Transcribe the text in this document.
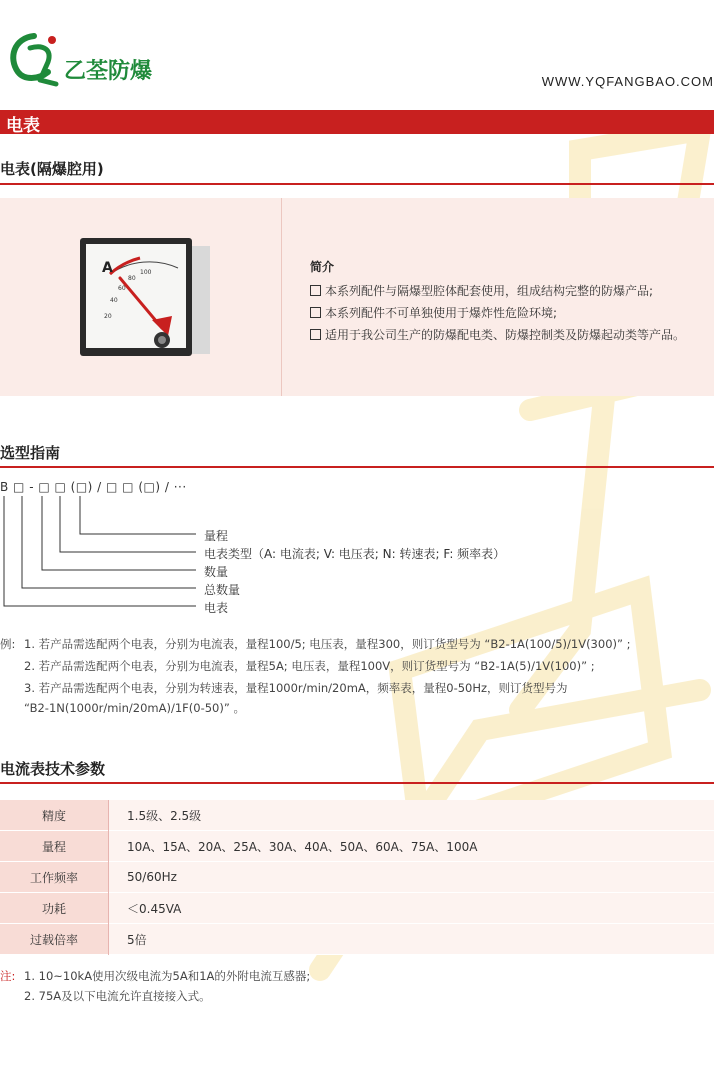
乙荃防爆	WWW.YQFANGBAO.COM
电表
电表(隔爆腔用)
20
40
60
80
100
A	简介
本系列配件与隔爆型腔体配套使用，组成结构完整的防爆产品;
本系列配件不可单独使用于爆炸性危险环境;
适用于我公司生产的防爆配电类、防爆控制类及防爆起动类等产品。
选型指南
B □ - □ □ (□) / □ □ (□) / ···
量程
电表类型（A: 电流表; V: 电压表; N: 转速表; F: 频率表）
数量
总数量
电表
例: 1. 若产品需选配两个电表，分别为电流表，量程100/5; 电压表，量程300，则订货型号为 “B2-1A(100/5)/1V(300)” ;
2. 若产品需选配两个电表，分别为电流表，量程5A; 电压表，量程100V，则订货型号为 “B2-1A(5)/1V(100)” ;
3. 若产品需选配两个电表，分别为转速表，量程1000r/min/20mA，频率表，量程0-50Hz，则订货型号为
“B2-1N(1000r/min/20mA)/1F(0-50)” 。
电流表技术参数
精度	1.5级、2.5级
量程	10A、15A、20A、25A、30A、40A、50A、60A、75A、100A
工作频率	50/60Hz
功耗	＜0.45VA
过载倍率	5倍
注: 1. 10~10kA使用次级电流为5A和1A的外附电流互感器;
2. 75A及以下电流允许直接接入式。
